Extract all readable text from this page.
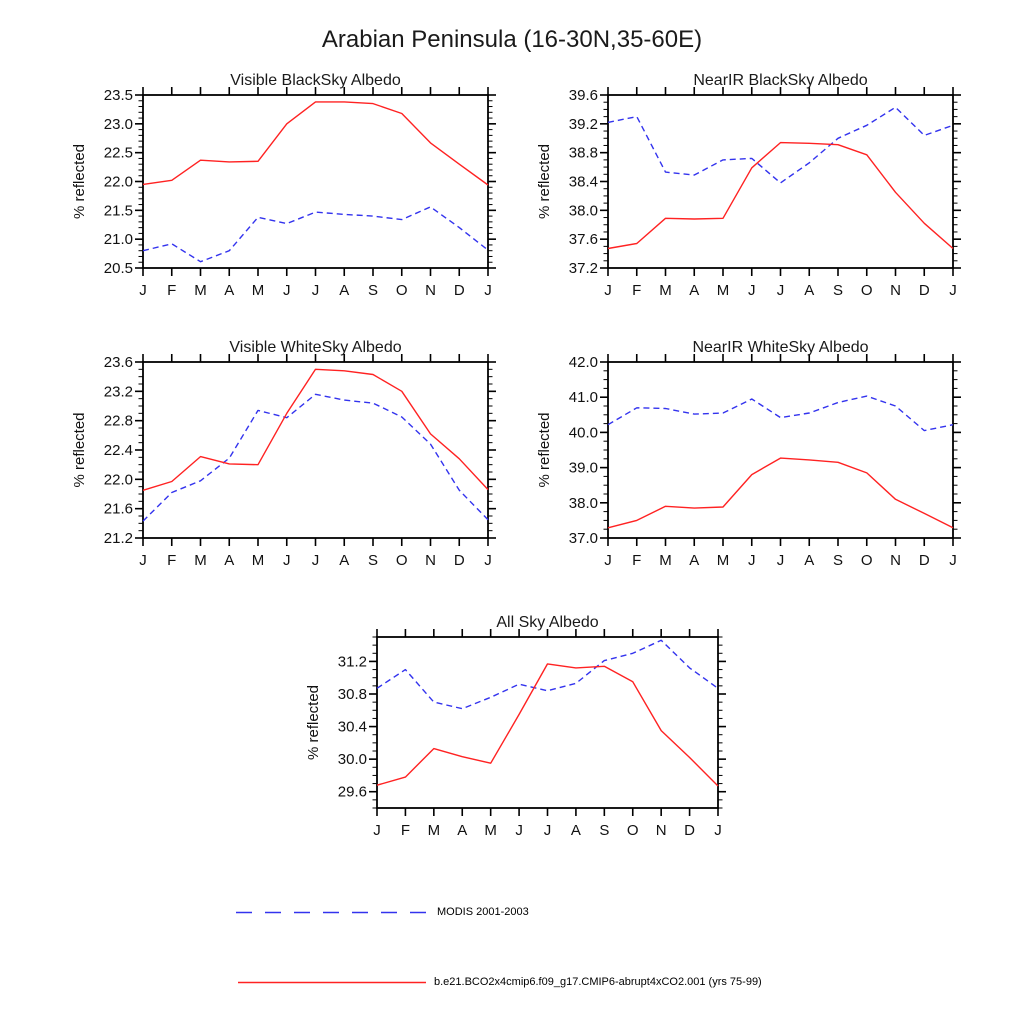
Arabian Peninsula (16-30N,35-60E)
20.5
21.0
21.5
22.0
22.5
23.0
23.5
J F M A M J J A S O N D J
Visible BlackSky Albedo
% reflected
37.2
37.6
38.0
38.4
38.8
39.2
39.6
J F M A M J J A S O N D J
NearIR BlackSky Albedo
% reflected
21.2
21.6
22.0
22.4
22.8
23.2
23.6
J F M A M J J A S O N D J
Visible WhiteSky Albedo
% reflected
37.0
38.0
39.0
40.0
41.0
42.0
J F M A M J J A S O N D J
NearIR WhiteSky Albedo
% reflected
29.6
30.0
30.4
30.8
31.2
J F M A M J J A S O N D J
All Sky Albedo
% reflected
MODIS 2001-2003
b.e21.BCO2x4cmip6.f09_g17.CMIP6-abrupt4xCO2.001 (yrs 75-99)
